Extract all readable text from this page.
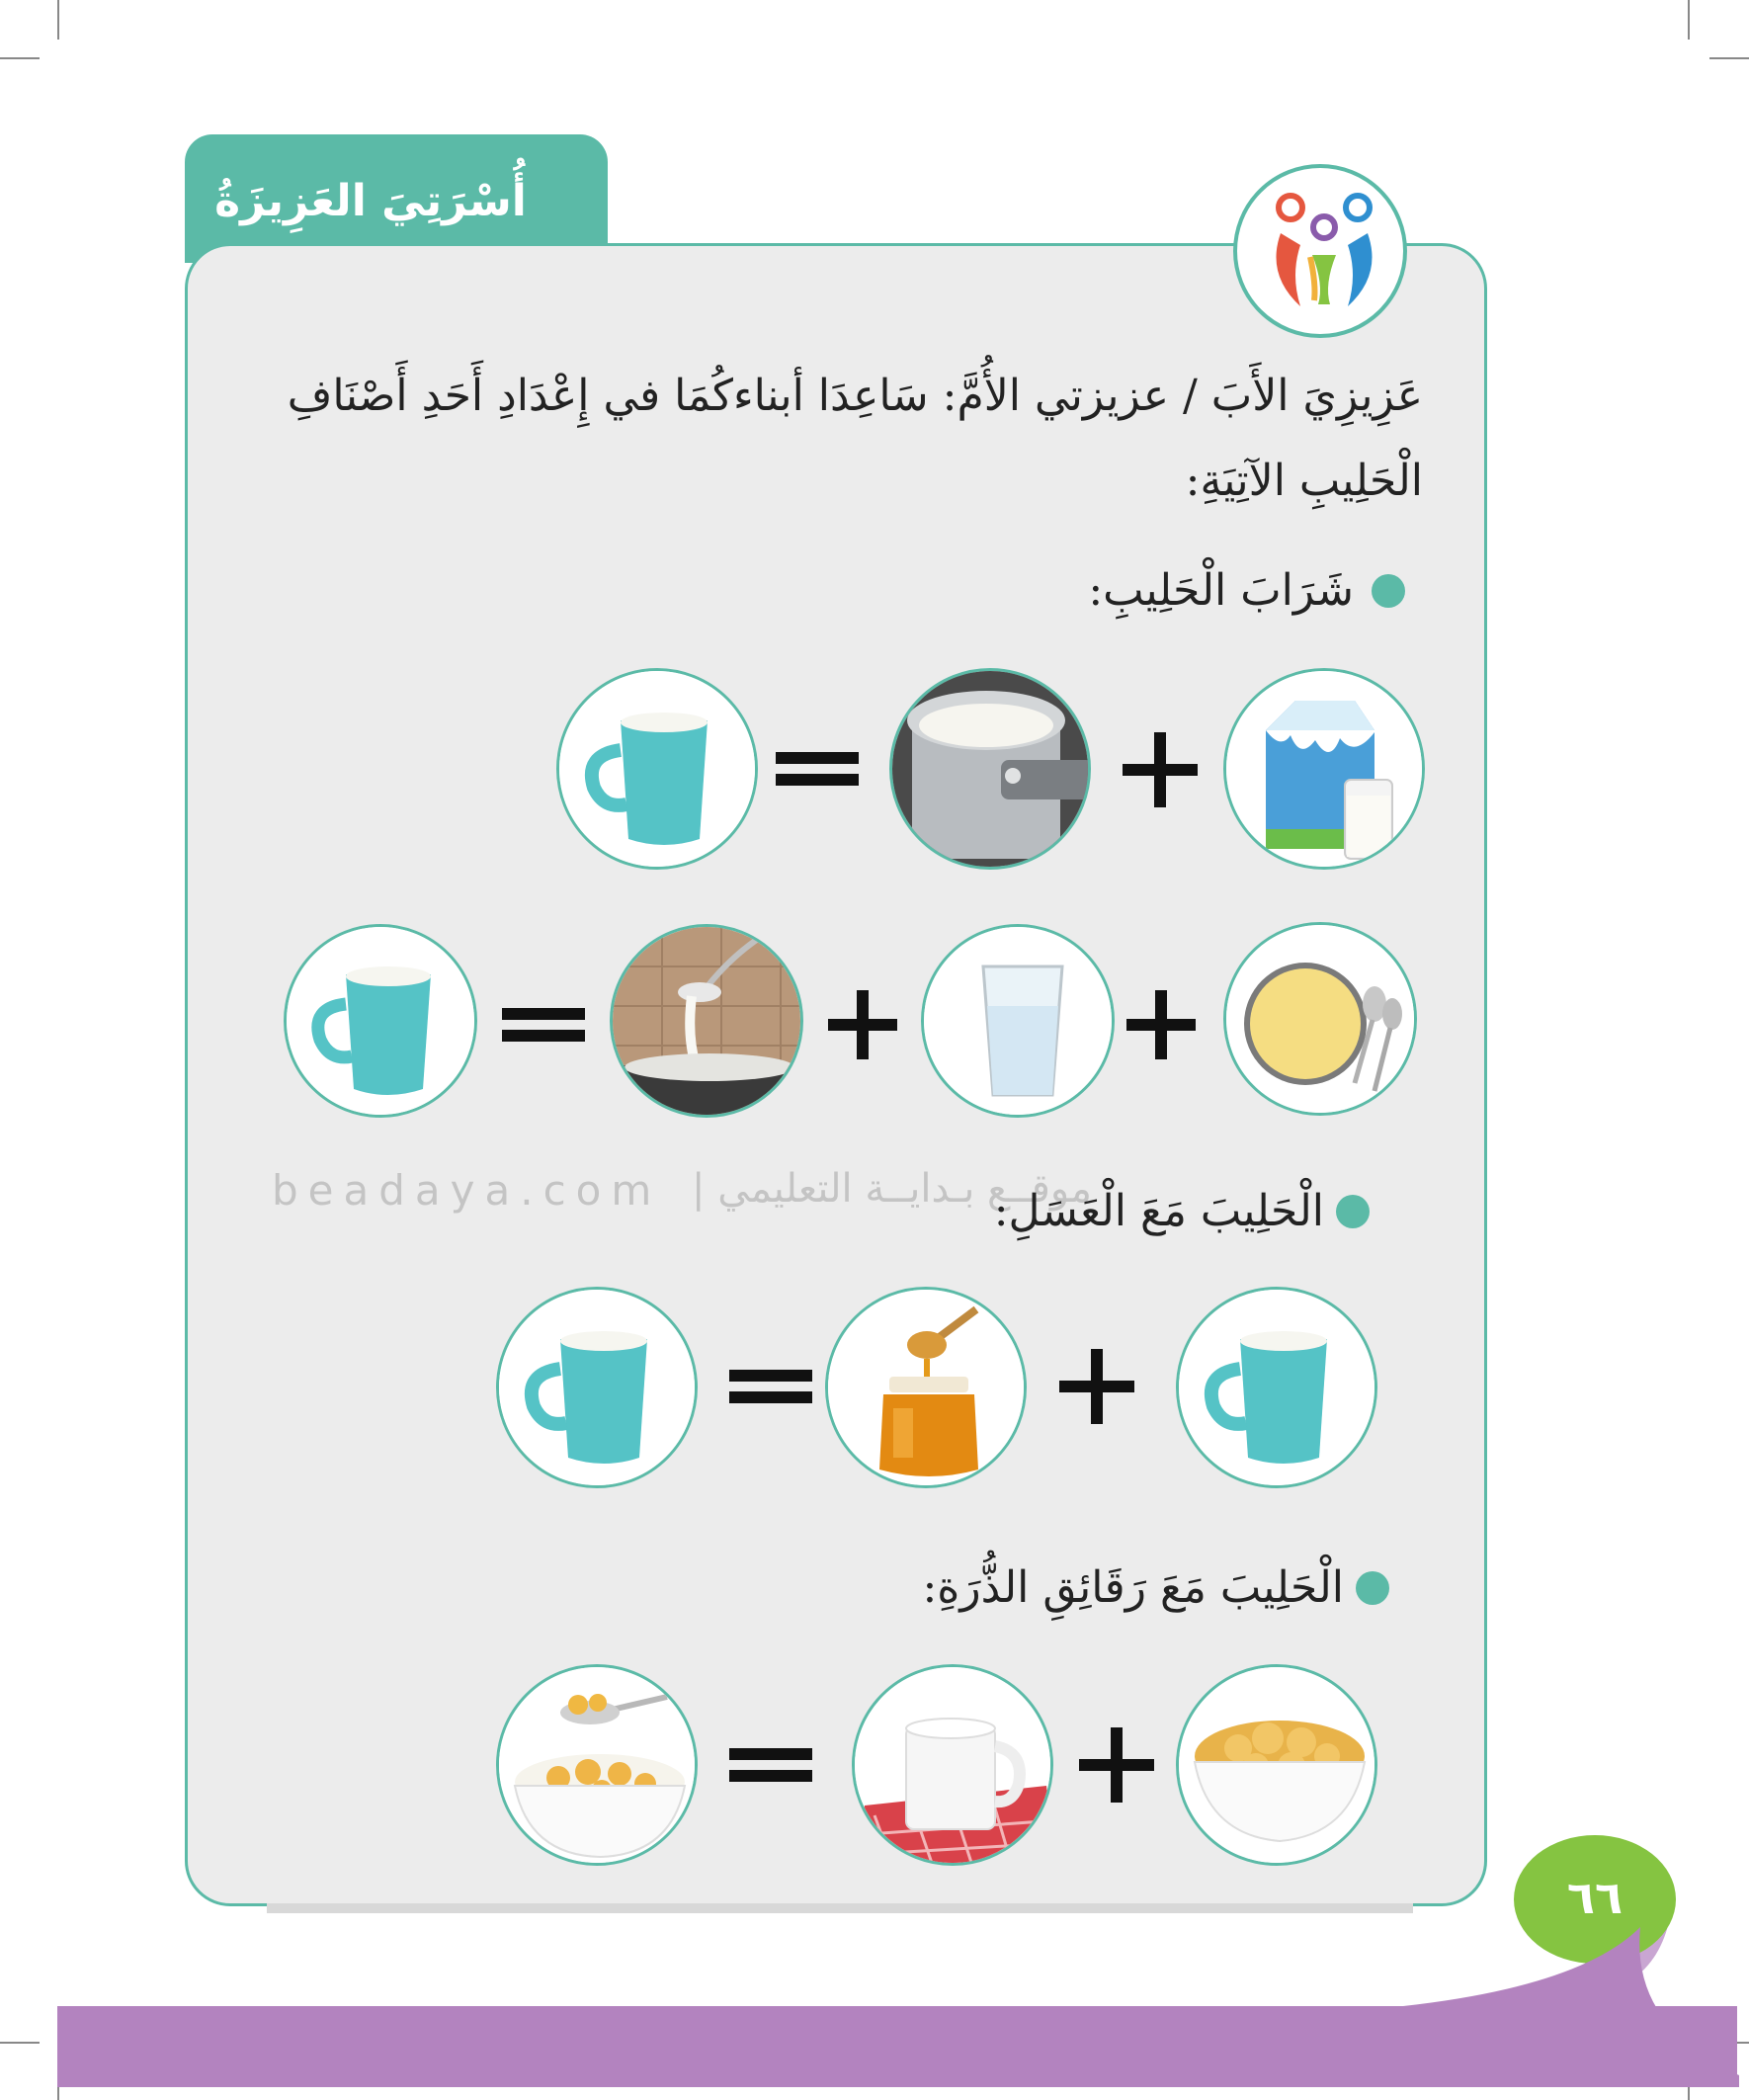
أُسْرَتِيَ العَزِيزَةُ
عَزِيزِيَ الأَبَ / عزيزتي الأُمَّ: سَاعِدَا أبناءكُمَا في إِعْدَادِ أَحَدِ أَصْنَافِ
الْحَلِيبِ الآتِيَةِ:
شَرَابَ الْحَلِيبِ:
beadaya.com موقــع بـدايــة التعليمي |
الْحَلِيبَ مَعَ الْعَسَلِ:
الْحَلِيبَ مَعَ رَقَائِقِ الذُّرَةِ:
٦٦
